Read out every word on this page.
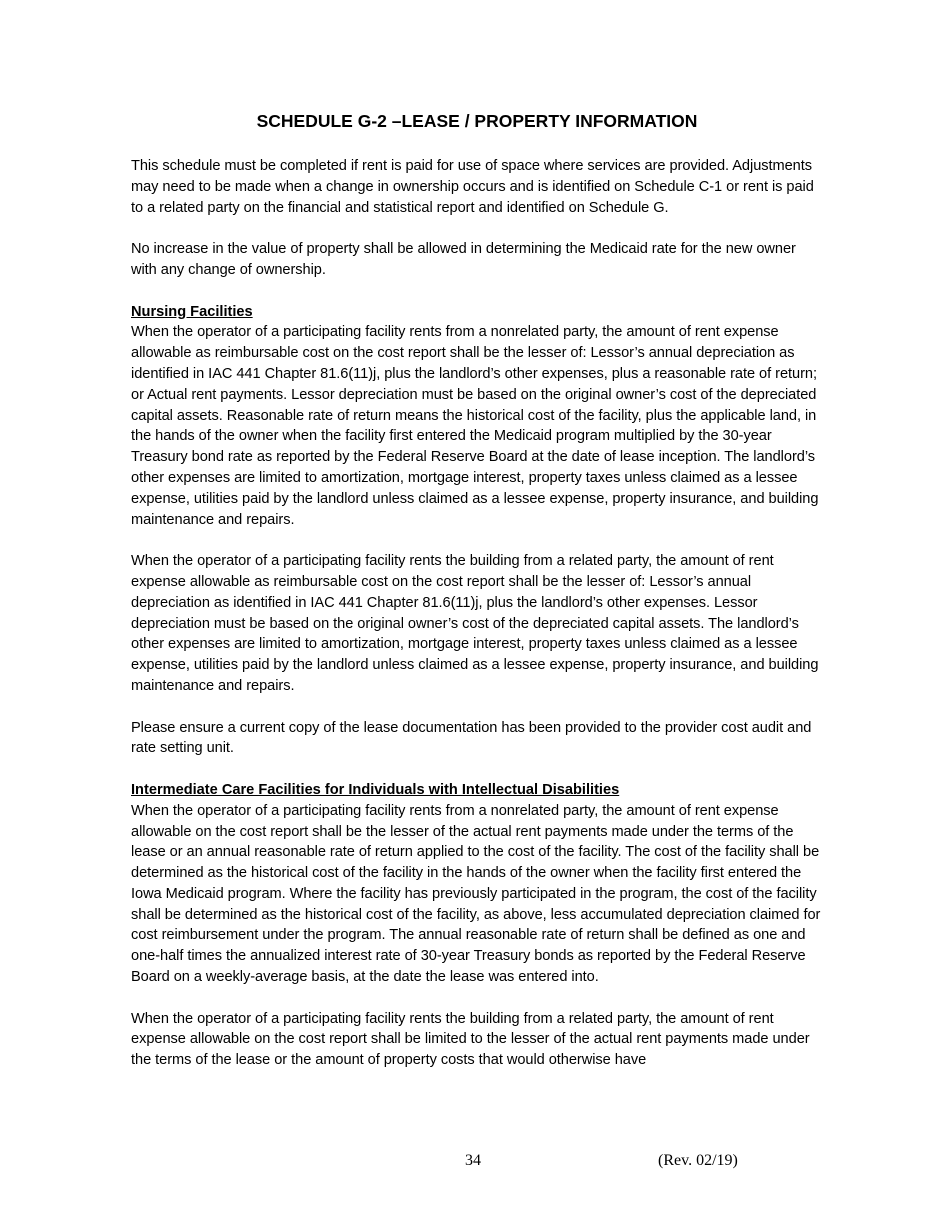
SCHEDULE G-2 –LEASE / PROPERTY INFORMATION

This schedule must be completed if rent is paid for use of space where services are provided. Adjustments may need to be made when a change in ownership occurs and is identified on Schedule C-1 or rent is paid to a related party on the financial and statistical report and identified on Schedule G.

No increase in the value of property shall be allowed in determining the Medicaid rate for the new owner with any change of ownership.

Nursing Facilities

When the operator of a participating facility rents from a nonrelated party, the amount of rent expense allowable as reimbursable cost on the cost report shall be the lesser of: Lessor’s annual depreciation as identified in IAC 441 Chapter 81.6(11)j, plus the landlord’s other expenses, plus a reasonable rate of return; or Actual rent payments. Lessor depreciation must be based on the original owner’s cost of the depreciated capital assets. Reasonable rate of return means the historical cost of the facility, plus the applicable land, in the hands of the owner when the facility first entered the Medicaid program multiplied by the 30-year Treasury bond rate as reported by the Federal Reserve Board at the date of lease inception. The landlord’s other expenses are limited to amortization, mortgage interest, property taxes unless claimed as a lessee expense, utilities paid by the landlord unless claimed as a lessee expense, property insurance, and building maintenance and repairs.

When the operator of a participating facility rents the building from a related party, the amount of rent expense allowable as reimbursable cost on the cost report shall be the lesser of: Lessor’s annual depreciation as identified in IAC 441 Chapter 81.6(11)j, plus the landlord’s other expenses. Lessor depreciation must be based on the original owner’s cost of the depreciated capital assets. The landlord’s other expenses are limited to amortization, mortgage interest, property taxes unless claimed as a lessee expense, utilities paid by the landlord unless claimed as a lessee expense, property insurance, and building maintenance and repairs.

Please ensure a current copy of the lease documentation has been provided to the provider cost audit and rate setting unit.

Intermediate Care Facilities for Individuals with Intellectual Disabilities

When the operator of a participating facility rents from a nonrelated party, the amount of rent expense allowable on the cost report shall be the lesser of the actual rent payments made under the terms of the lease or an annual reasonable rate of return applied to the cost of the facility. The cost of the facility shall be determined as the historical cost of the facility in the hands of the owner when the facility first entered the Iowa Medicaid program. Where the facility has previously participated in the program, the cost of the facility shall be determined as the historical cost of the facility, as above, less accumulated depreciation claimed for cost reimbursement under the program. The annual reasonable rate of return shall be defined as one and one-half times the annualized interest rate of 30-year Treasury bonds as reported by the Federal Reserve Board on a weekly-average basis, at the date the lease was entered into.

When the operator of a participating facility rents the building from a related party, the amount of rent expense allowable on the cost report shall be limited to the lesser of the actual rent payments made under the terms of the lease or the amount of property costs that would otherwise have

34	(Rev. 02/19)
